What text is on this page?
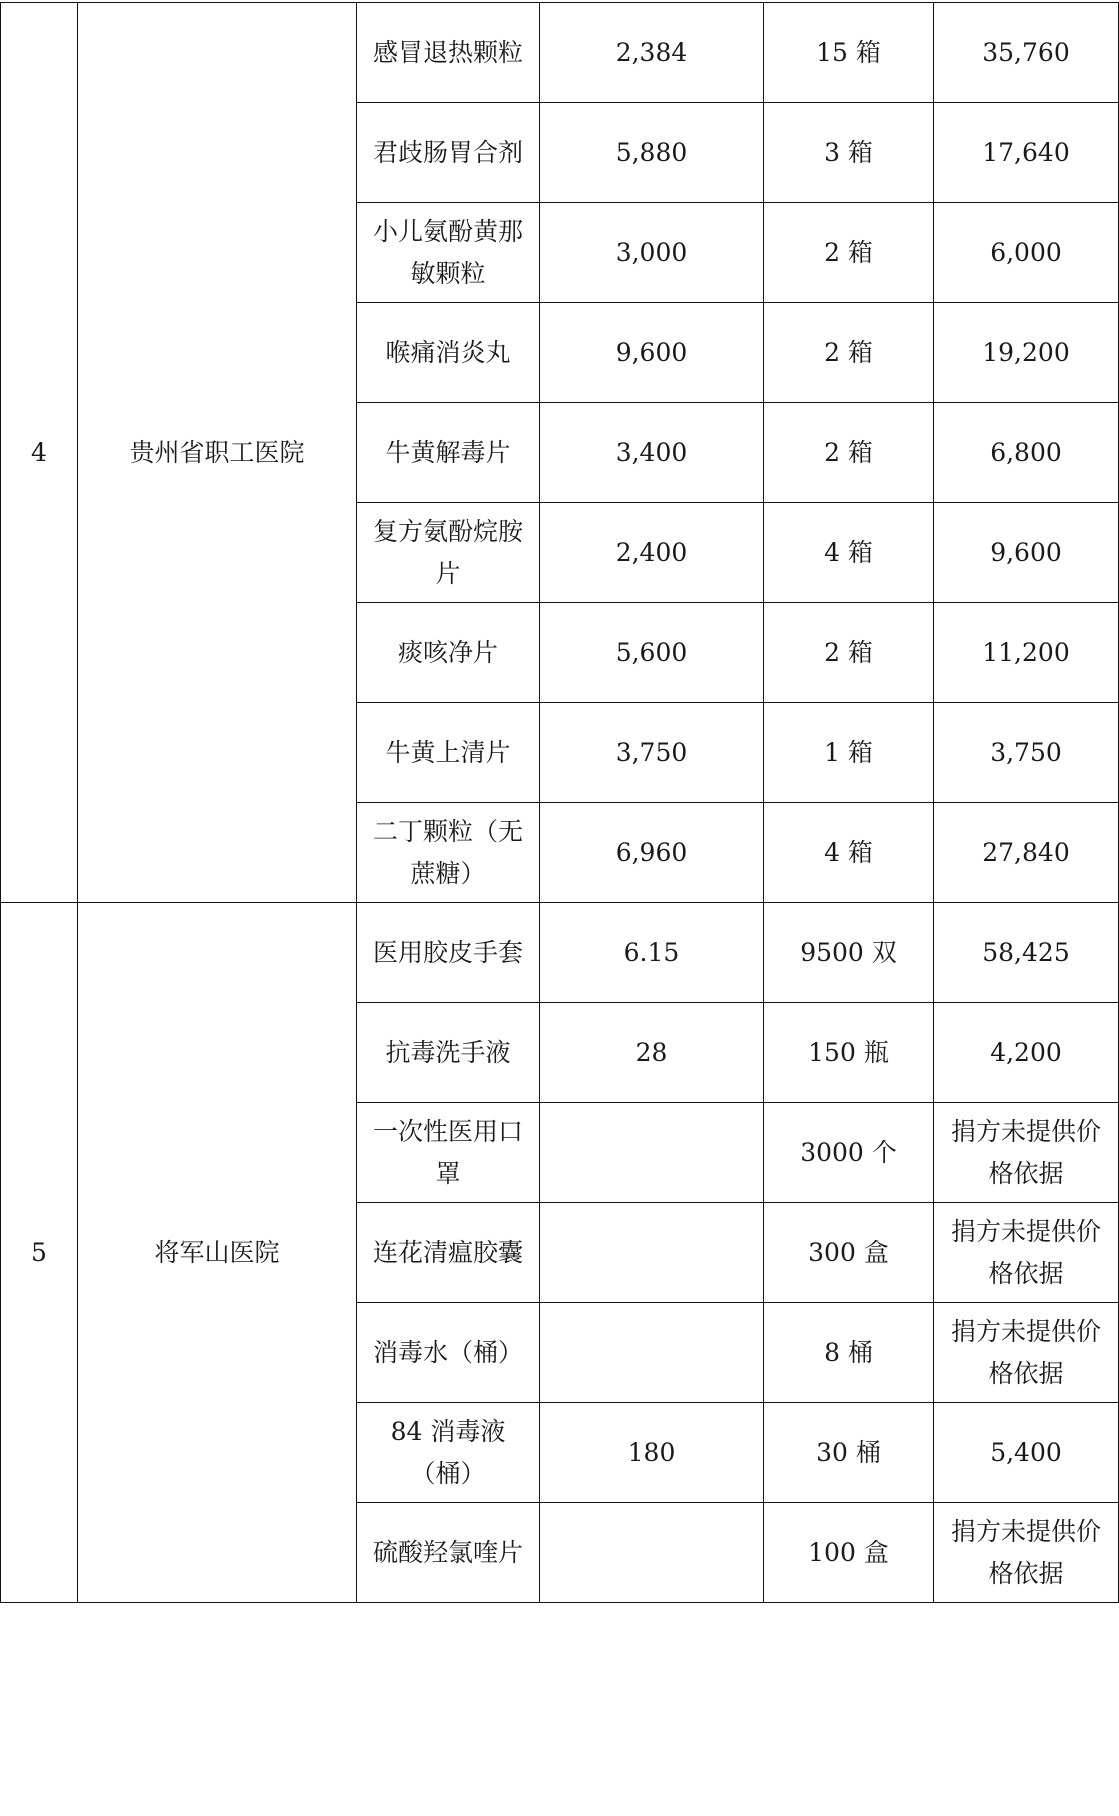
4	贵州省职工医院	感冒退热颗粒	2,384	15 箱	35,760
		君歧肠胃合剂	5,880	3 箱	17,640
		小儿氨酚黄那敏颗粒	3,000	2 箱	6,000
		喉痛消炎丸	9,600	2 箱	19,200
		牛黄解毒片	3,400	2 箱	6,800
		复方氨酚烷胺片	2,400	4 箱	9,600
		痰咳净片	5,600	2 箱	11,200
		牛黄上清片	3,750	1 箱	3,750
		二丁颗粒（无蔗糖）	6,960	4 箱	27,840
5	将军山医院	医用胶皮手套	6.15	9500 双	58,425
		抗毒洗手液	28	150 瓶	4,200
		一次性医用口罩		3000 个	捐方未提供价格依据
		连花清瘟胶囊		300 盒	捐方未提供价格依据
		消毒水（桶）		8 桶	捐方未提供价格依据
		84 消毒液（桶）	180	30 桶	5,400
		硫酸羟氯喹片		100 盒	捐方未提供价格依据
